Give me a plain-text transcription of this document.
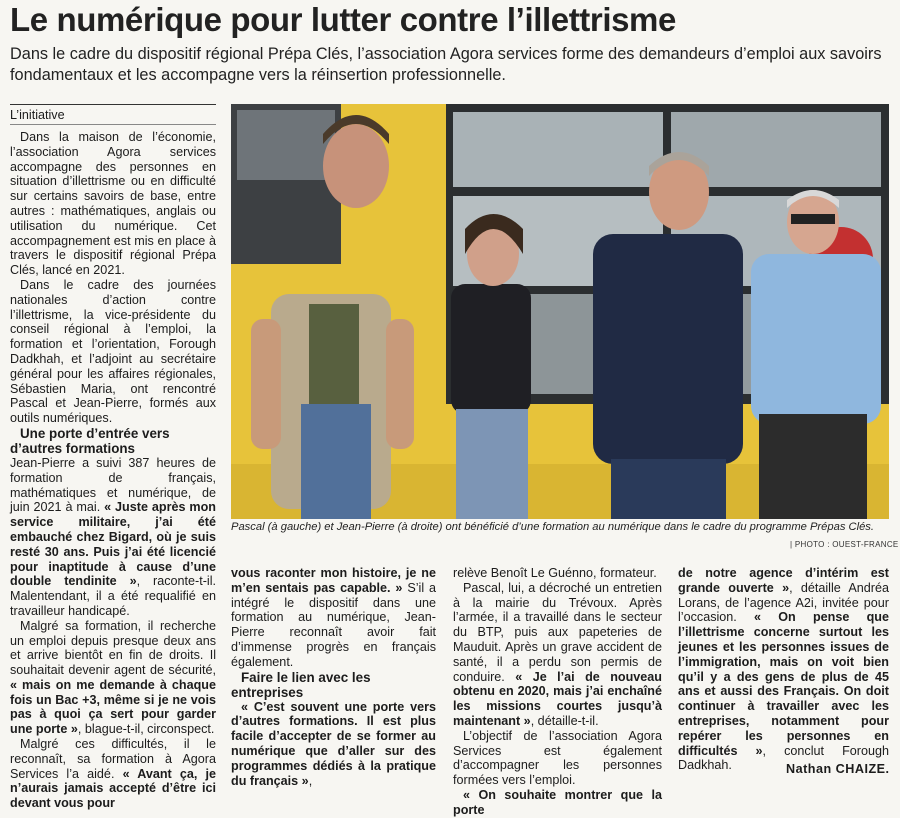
Le numérique pour lutter contre l’illettrisme
Dans le cadre du dispositif régional Prépa Clés, l’association Agora services forme des demandeurs d’emploi aux savoirs fondamentaux et les accompagne vers la réinsertion professionnelle.
L’initiative

Dans la maison de l’économie, l’association Agora services accompagne des personnes en situation d’illettrisme ou en difficulté sur certains savoirs de base, entre autres : mathématiques, anglais ou utilisation du numérique. Cet accompagnement est mis en place à travers le dispositif régional Prépa Clés, lancé en 2021.

Dans le cadre des journées nationales d’action contre l’illettrisme, la vice-présidente du conseil régional à l’emploi, la formation et l’orientation, Forough Dadkhah, et l’adjoint au secrétaire général pour les affaires régionales, Sébastien Maria, ont rencontré Pascal et Jean-Pierre, formés aux outils numériques.

Une porte d’entrée vers d’autres formations

Jean-Pierre a suivi 387 heures de formation de français, mathématiques et numérique, de juin 2021 à mai. « Juste après mon service militaire, j’ai été embauché chez Bigard, où je suis resté 30 ans. Puis j’ai été licencié pour inaptitude à cause d’une double tendinite », raconte-t-il. Malentendant, il a été requalifié en travailleur handicapé.

Malgré sa formation, il recherche un emploi depuis presque deux ans et arrive bientôt en fin de droits. Il souhaitait devenir agent de sécurité, « mais on me demande à chaque fois un Bac +3, même si je ne vois pas à quoi ça sert pour garder une porte », blague-t-il, circonspect.

Malgré ces difficultés, il le reconnaît, sa formation à Agora Services l’a aidé. « Avant ça, je n’aurais jamais accepté d’être ici devant vous pour

Pascal (à gauche) et Jean-Pierre (à droite) ont bénéficié d’une formation au numérique dans le cadre du programme Prépas Clés.
| PHOTO : OUEST-FRANCE

vous raconter mon histoire, je ne m’en sentais pas capable. » S’il a intégré le dispositif dans une formation au numérique, Jean-Pierre reconnaît avoir fait d’immense progrès en français également.

Faire le lien avec les entreprises

« C’est souvent une porte vers d’autres formations. Il est plus facile d’accepter de se former au numérique que d’aller sur des programmes dédiés à la pratique du français »,

relève Benoît Le Guénno, formateur.

Pascal, lui, a décroché un entretien à la mairie du Trévoux. Après l’armée, il a travaillé dans le secteur du BTP, puis aux papeteries de Mauduit. Après un grave accident de santé, il a perdu son permis de conduire. « Je l’ai de nouveau obtenu en 2020, mais j’ai enchaîné les missions courtes jusqu’à maintenant », détaille-t-il.

L’objectif de l’association Agora Services est également d’accompagner les personnes formées vers l’emploi.

« On souhaite montrer que la porte

de notre agence d’intérim est grande ouverte », détaille Andréa Lorans, de l’agence A2i, invitée pour l’occasion. « On pense que l’illettrisme concerne surtout les jeunes et les personnes issues de l’immigration, mais on voit bien qu’il y a des gens de plus de 45 ans et aussi des Français. On doit continuer à travailler avec les entreprises, notamment pour repérer les personnes en difficultés », conclut Forough Dadkhah.	Nathan CHAIZE.
